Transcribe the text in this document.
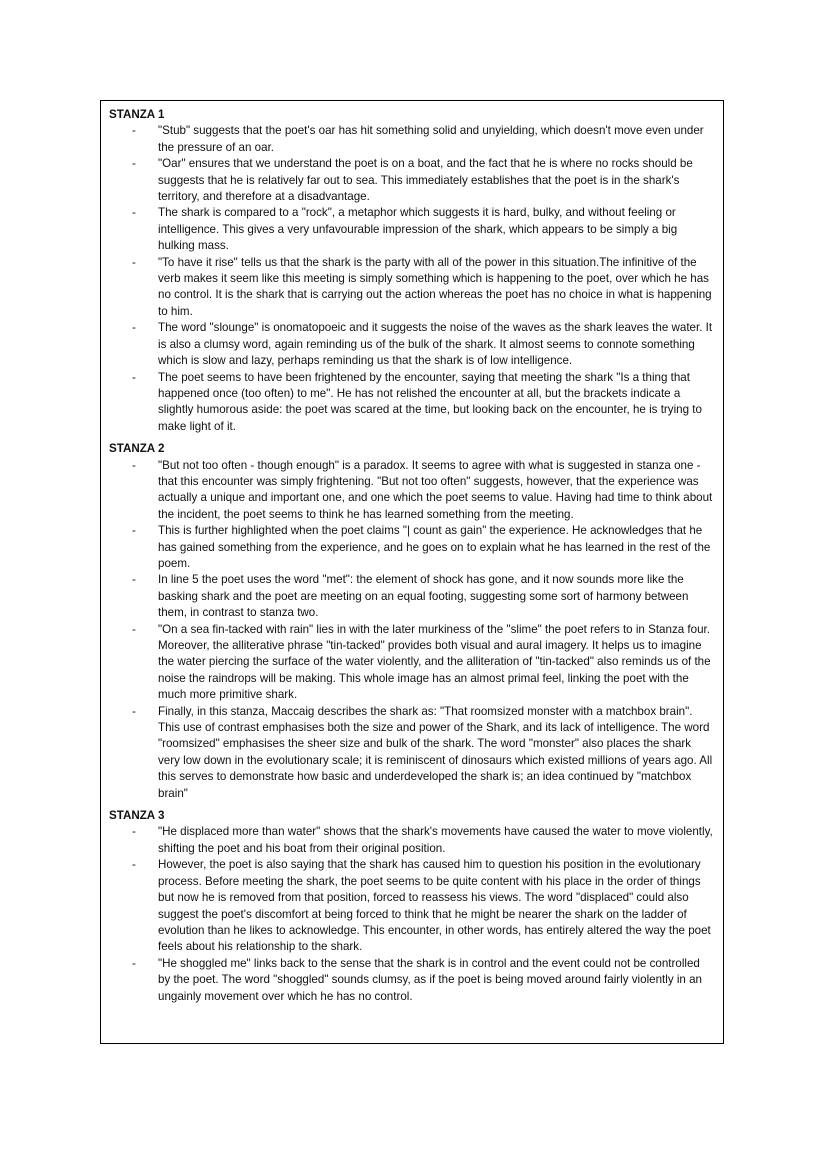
STANZA 1

- "Stub" suggests that the poet's oar has hit something solid and unyielding, which doesn't move even under the pressure of an oar.
- "Oar" ensures that we understand the poet is on a boat, and the fact that he is where no rocks should be suggests that he is relatively far out to sea. This immediately establishes that the poet is in the shark's territory, and therefore at a disadvantage.
- The shark is compared to a "rock", a metaphor which suggests it is hard, bulky, and without feeling or intelligence. This gives a very unfavourable impression of the shark, which appears to be simply a big hulking mass.
- "To have it rise" tells us that the shark is the party with all of the power in this situation.The infinitive of the verb makes it seem like this meeting is simply something which is happening to the poet, over which he has no control. It is the shark that is carrying out the action whereas the poet has no choice in what is happening to him.
- The word "slounge" is onomatopoeic and it suggests the noise of the waves as the shark leaves the water. It is also a clumsy word, again reminding us of the bulk of the shark. It almost seems to connote something which is slow and lazy, perhaps reminding us that the shark is of low intelligence.
- The poet seems to have been frightened by the encounter, saying that meeting the shark "Is a thing that happened once (too often) to me". He has not relished the encounter at all, but the brackets indicate a slightly humorous aside: the poet was scared at the time, but looking back on the encounter, he is trying to make light of it.

STANZA 2

- "But not too often - though enough" is a paradox. It seems to agree with what is suggested in stanza one - that this encounter was simply frightening. "But not too often" suggests, however, that the experience was actually a unique and important one, and one which the poet seems to value. Having had time to think about the incident, the poet seems to think he has learned something from the meeting.
- This is further highlighted when the poet claims "| count as gain" the experience. He acknowledges that he has gained something from the experience, and he goes on to explain what he has learned in the rest of the poem.
- In line 5 the poet uses the word "met": the element of shock has gone, and it now sounds more like the basking shark and the poet are meeting on an equal footing, suggesting some sort of harmony between them, in contrast to stanza two.
- "On a sea fin-tacked with rain" lies in with the later murkiness of the "slime" the poet refers to in Stanza four. Moreover, the alliterative phrase "tin-tacked" provides both visual and aural imagery. It helps us to imagine the water piercing the surface of the water violently, and the alliteration of "tin-tacked" also reminds us of the noise the raindrops will be making. This whole image has an almost primal feel, linking the poet with the much more primitive shark.
- Finally, in this stanza, Maccaig describes the shark as: "That roomsized monster with a matchbox brain". This use of contrast emphasises both the size and power of the Shark, and its lack of intelligence. The word "roomsized" emphasises the sheer size and bulk of the shark. The word "monster" also places the shark very low down in the evolutionary scale; it is reminiscent of dinosaurs which existed millions of years ago. All this serves to demonstrate how basic and underdeveloped the shark is; an idea continued by "matchbox brain"

STANZA 3

- "He displaced more than water" shows that the shark's movements have caused the water to move violently, shifting the poet and his boat from their original position.
- However, the poet is also saying that the shark has caused him to question his position in the evolutionary process. Before meeting the shark, the poet seems to be quite content with his place in the order of things but now he is removed from that position, forced to reassess his views. The word "displaced" could also suggest the poet's discomfort at being forced to think that he might be nearer the shark on the ladder of evolution than he likes to acknowledge. This encounter, in other words, has entirely altered the way the poet feels about his relationship to the shark.
- "He shoggled me" links back to the sense that the shark is in control and the event could not be controlled by the poet. The word "shoggled" sounds clumsy, as if the poet is being moved around fairly violently in an ungainly movement over which he has no control.
